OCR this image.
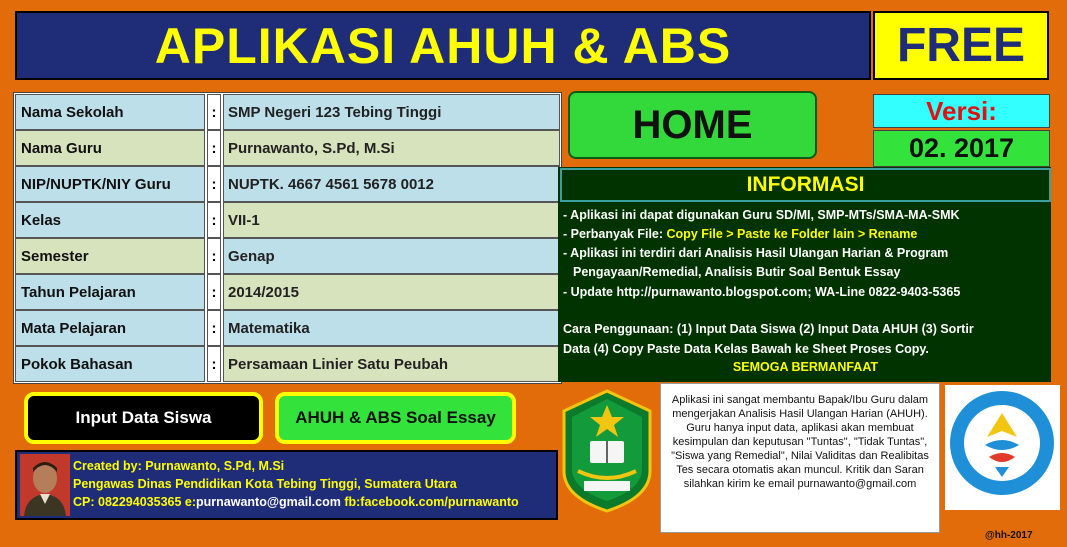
APLIKASI AHUH & ABS	FREE
Nama Sekolah	: SMP Negeri 123 Tebing Tinggi
Nama Guru	: Purnawanto, S.Pd, M.Si
NIP/NUPTK/NIY Guru	: NUPTK. 4667 4561 5678 0012
Kelas	: VII-1
Semester	: Genap
Tahun Pelajaran	: 2014/2015
Mata Pelajaran	: Matematika
Pokok Bahasan	: Persamaan Linier Satu Peubah
HOME	Versi:
02. 2017
INFORMASI
- Aplikasi ini dapat digunakan Guru SD/MI, SMP-MTs/SMA-MA-SMK
- Perbanyak File: Copy File > Paste ke Folder lain > Rename
- Aplikasi ini terdiri dari Analisis Hasil Ulangan Harian & Program
Pengayaan/Remedial, Analisis Butir Soal Bentuk Essay
- Update http://purnawanto.blogspot.com; WA-Line 0822-9403-5365
Cara Penggunaan: (1) Input Data Siswa (2) Input Data AHUH (3) Sortir
Data (4) Copy Paste Data Kelas Bawah ke Sheet Proses Copy.
SEMOGA BERMANFAAT
Input Data Siswa	AHUH & ABS Soal Essay
Created by: Purnawanto, S.Pd, M.Si
Pengawas Dinas Pendidikan Kota Tebing Tinggi, Sumatera Utara
CP: 082294035365 e:purnawanto@gmail.com fb:facebook.com/purnawanto
Aplikasi ini sangat membantu Bapak/Ibu Guru dalam mengerjakan Analisis Hasil Ulangan Harian (AHUH). Guru hanya input data, aplikasi akan membuat kesimpulan dan keputusan "Tuntas", "Tidak Tuntas", "Siswa yang Remedial", Nilai Validitas dan Realibitas Tes secara otomatis akan muncul. Kritik dan Saran silahkan kirim ke email purnawanto@gmail.com
@hh-2017
